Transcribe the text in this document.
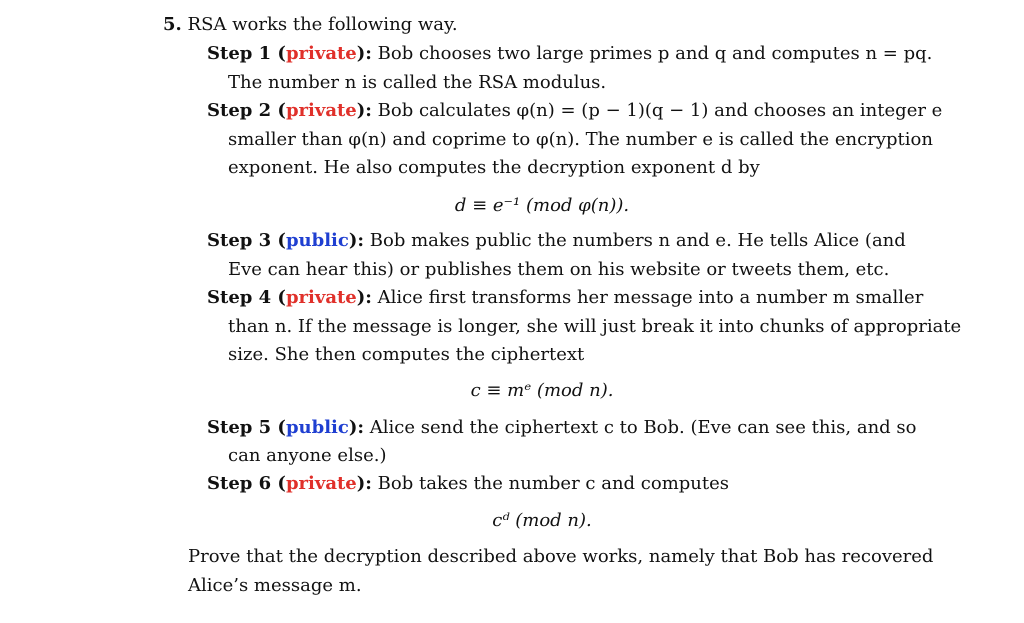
5. RSA works the following way.
Step 1 (private): Bob chooses two large primes p and q and computes n = pq.
The number n is called the RSA modulus.
Step 2 (private): Bob calculates φ(n) = (p − 1)(q − 1) and chooses an integer e
smaller than φ(n) and coprime to φ(n). The number e is called the encryption
exponent. He also computes the decryption exponent d by
d ≡ e⁻¹ (mod φ(n)).
Step 3 (public): Bob makes public the numbers n and e. He tells Alice (and
Eve can hear this) or publishes them on his website or tweets them, etc.
Step 4 (private): Alice first transforms her message into a number m smaller
than n. If the message is longer, she will just break it into chunks of appropriate
size. She then computes the ciphertext
c ≡ mᵉ (mod n).
Step 5 (public): Alice send the ciphertext c to Bob. (Eve can see this, and so
can anyone else.)
Step 6 (private): Bob takes the number c and computes
cᵈ (mod n).
Prove that the decryption described above works, namely that Bob has recovered
Alice’s message m.
